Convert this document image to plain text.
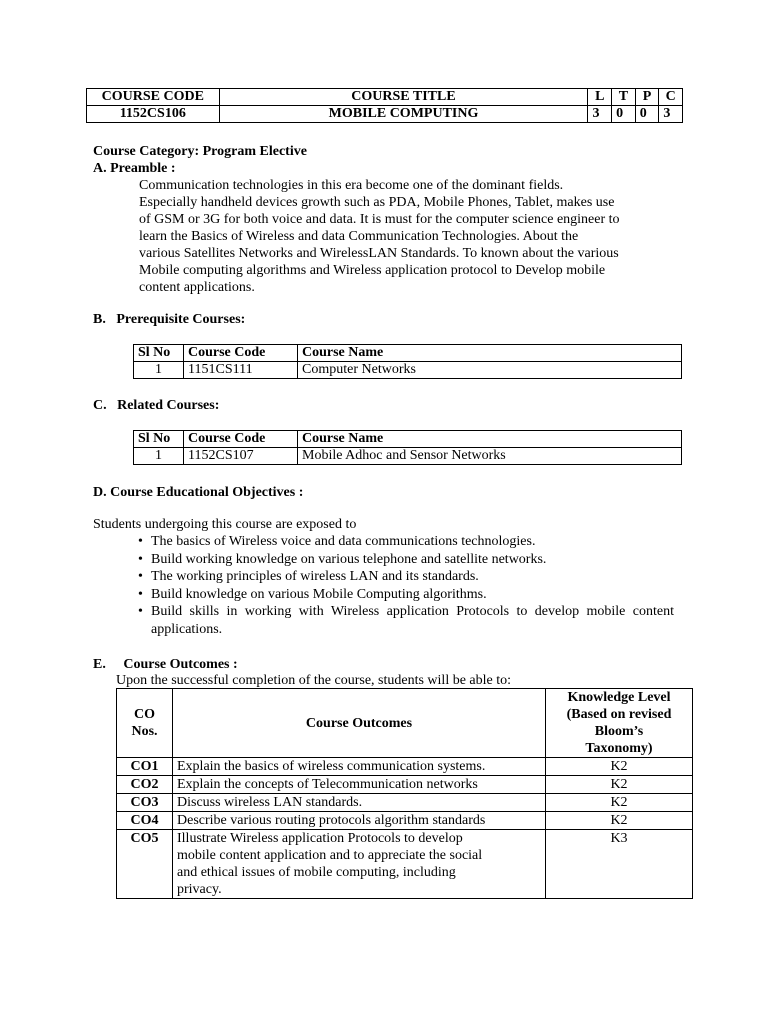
COURSE CODE	COURSE TITLE	L	T	P	C
1152CS106	MOBILE COMPUTING	3	0	0	3
Course Category: Program Elective
A. Preamble :
Communication technologies in this era become one of the dominant fields.
Especially handheld devices growth such as PDA, Mobile Phones, Tablet, makes use
of GSM or 3G for both voice and data. It is must for the computer science engineer to
learn the Basics of Wireless and data Communication Technologies. About the
various Satellites Networks and WirelessLAN Standards. To known about the various
Mobile computing algorithms and Wireless application protocol to Develop mobile
content applications.
B.   Prerequisite Courses:
Sl No	Course Code	Course Name
1	1151CS111	Computer Networks
C.   Related Courses:
Sl No	Course Code	Course Name
1	1152CS107	Mobile Adhoc and Sensor Networks
D. Course Educational Objectives :
Students undergoing this course are exposed to
• The basics of Wireless voice and data communications technologies.
• Build working knowledge on various telephone and satellite networks.
• The working principles of wireless LAN and its standards.
• Build knowledge on various Mobile Computing algorithms.
• Build skills in working with Wireless application Protocols to develop mobile content applications.
E.     Course Outcomes :
Upon the successful completion of the course, students will be able to:
CO
Nos.	Course Outcomes	Knowledge Level
(Based on revised
Bloom’s
Taxonomy)
CO1	Explain the basics of wireless communication systems.	K2
CO2	Explain the concepts of Telecommunication networks	K2
CO3	Discuss wireless LAN standards.	K2
CO4	Describe various routing protocols algorithm standards	K2
CO5	Illustrate Wireless application Protocols to develop
mobile content application and to appreciate the social
and ethical issues of mobile computing, including
privacy.	K3
